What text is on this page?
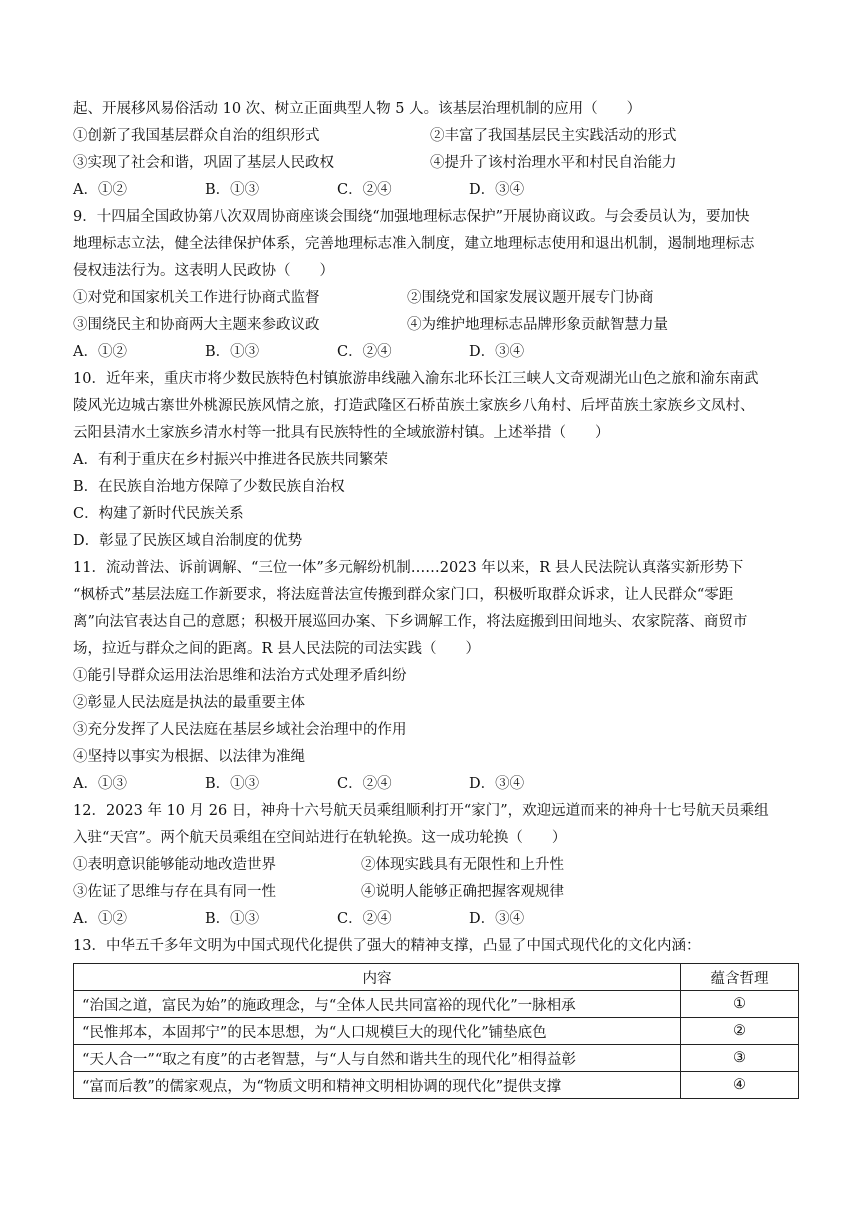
起、开展移风易俗活动 10 次、树立正面典型人物 5 人。该基层治理机制的应用（　　）
①创新了我国基层群众自治的组织形式	②丰富了我国基层民主实践活动的形式
③实现了社会和谐，巩固了基层人民政权	④提升了该村治理水平和村民自治能力
A．①②	B．①③	C．②④	D．③④
9．十四届全国政协第八次双周协商座谈会围绕“加强地理标志保护”开展协商议政。与会委员认为，要加快
地理标志立法，健全法律保护体系，完善地理标志准入制度，建立地理标志使用和退出机制，遏制地理标志
侵权违法行为。这表明人民政协（　　）
①对党和国家机关工作进行协商式监督	②围绕党和国家发展议题开展专门协商
③围绕民主和协商两大主题来参政议政	④为维护地理标志品牌形象贡献智慧力量
A．①②	B．①③	C．②④	D．③④
10．近年来，重庆市将少数民族特色村镇旅游串线融入渝东北环长江三峡人文奇观湖光山色之旅和渝东南武
陵风光边城古寨世外桃源民族风情之旅，打造武隆区石桥苗族土家族乡八角村、后坪苗族土家族乡文凤村、
云阳县清水土家族乡清水村等一批具有民族特性的全域旅游村镇。上述举措（　　）
A．有利于重庆在乡村振兴中推进各民族共同繁荣
B．在民族自治地方保障了少数民族自治权
C．构建了新时代民族关系
D．彰显了民族区域自治制度的优势
11．流动普法、诉前调解、“三位一体”多元解纷机制……2023 年以来，R 县人民法院认真落实新形势下
“枫桥式”基层法庭工作新要求，将法庭普法宣传搬到群众家门口，积极听取群众诉求，让人民群众“零距
离”向法官表达自己的意愿；积极开展巡回办案、下乡调解工作，将法庭搬到田间地头、农家院落、商贸市
场，拉近与群众之间的距离。R 县人民法院的司法实践（　　）
①能引导群众运用法治思维和法治方式处理矛盾纠纷
②彰显人民法庭是执法的最重要主体
③充分发挥了人民法庭在基层乡域社会治理中的作用
④坚持以事实为根据、以法律为准绳
A．①③	B．①③	C．②④	D．③④
12．2023 年 10 月 26 日，神舟十六号航天员乘组顺利打开“家门”，欢迎远道而来的神舟十七号航天员乘组
入驻“天宫”。两个航天员乘组在空间站进行在轨轮换。这一成功轮换（　　）
①表明意识能够能动地改造世界	②体现实践具有无限性和上升性
③佐证了思维与存在具有同一性	④说明人能够正确把握客观规律
A．①②	B．①③	C．②④	D．③④
13．中华五千多年文明为中国式现代化提供了强大的精神支撑，凸显了中国式现代化的文化内涵：
内容	蕴含哲理
“治国之道，富民为始”的施政理念，与“全体人民共同富裕的现代化”一脉相承	①
“民惟邦本，本固邦宁”的民本思想，为“人口规模巨大的现代化”铺垫底色	②
“天人合一”“取之有度”的古老智慧，与“人与自然和谐共生的现代化”相得益彰	③
“富而后教”的儒家观点，为“物质文明和精神文明相协调的现代化”提供支撑	④
